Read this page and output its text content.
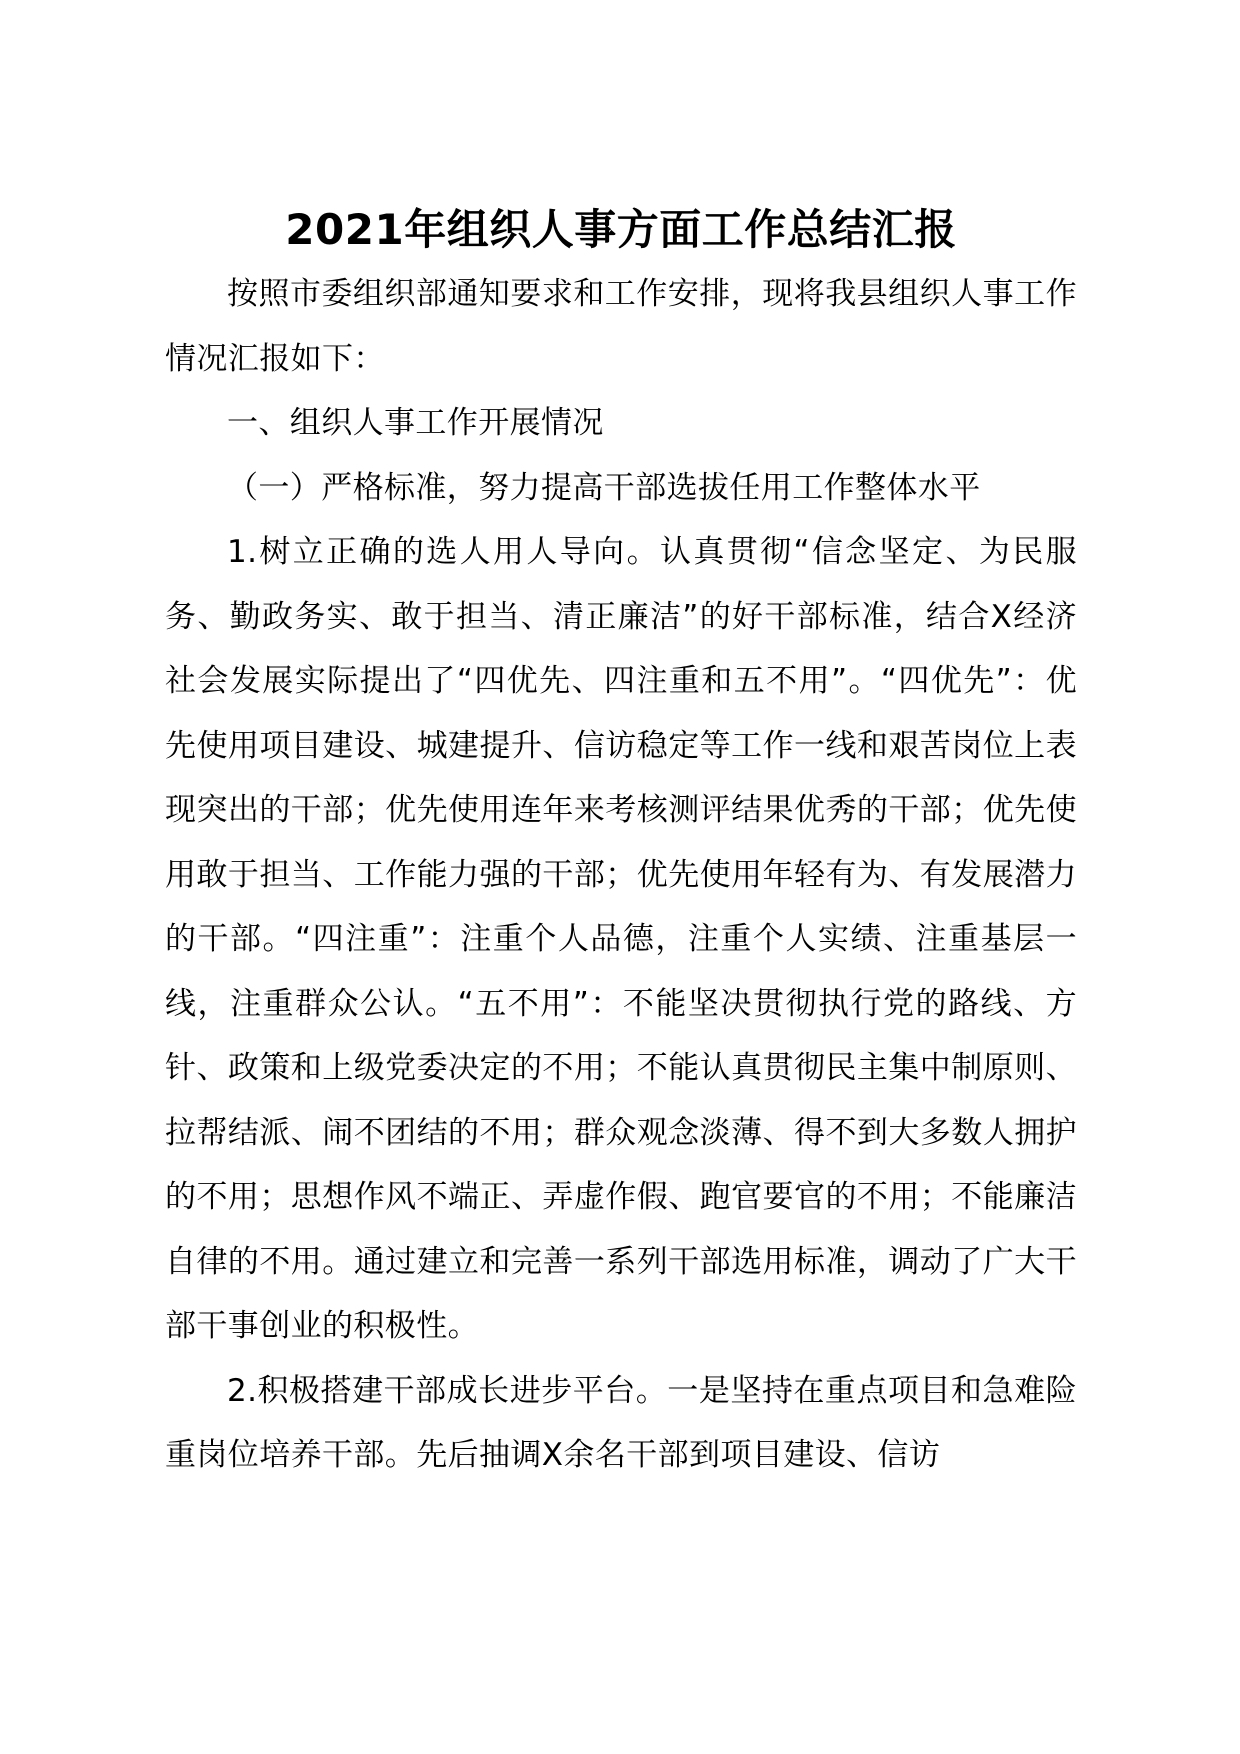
2021年组织人事方面工作总结汇报

按照市委组织部通知要求和工作安排，现将我县组织人事工作情况汇报如下：

一、组织人事工作开展情况

（一）严格标准，努力提高干部选拔任用工作整体水平

1.树立正确的选人用人导向。认真贯彻“信念坚定、为民服务、勤政务实、敢于担当、清正廉洁”的好干部标准，结合X经济社会发展实际提出了“四优先、四注重和五不用”。“四优先”：优先使用项目建设、城建提升、信访稳定等工作一线和艰苦岗位上表现突出的干部；优先使用连年来考核测评结果优秀的干部；优先使用敢于担当、工作能力强的干部；优先使用年轻有为、有发展潜力的干部。“四注重”：注重个人品德，注重个人实绩、注重基层一线，注重群众公认。“五不用”：不能坚决贯彻执行党的路线、方针、政策和上级党委决定的不用；不能认真贯彻民主集中制原则、拉帮结派、闹不团结的不用；群众观念淡薄、得不到大多数人拥护的不用；思想作风不端正、弄虚作假、跑官要官的不用；不能廉洁自律的不用。通过建立和完善一系列干部选用标准，调动了广大干部干事创业的积极性。

2.积极搭建干部成长进步平台。一是坚持在重点项目和急难险重岗位培养干部。先后抽调X余名干部到项目建设、信访
